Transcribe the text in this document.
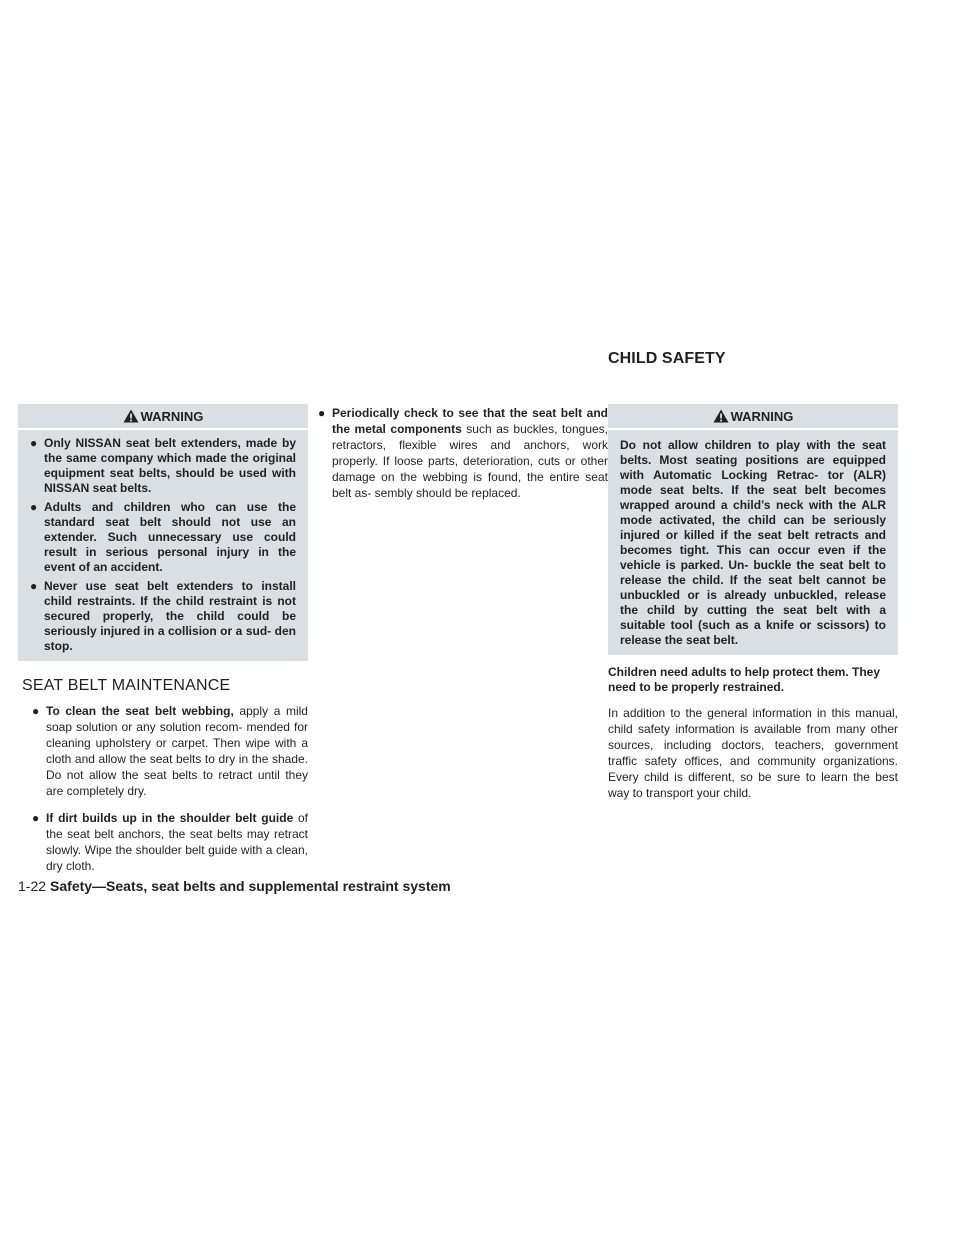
CHILD SAFETY
WARNING
● Only NISSAN seat belt extenders, made by the same company which made the original equipment seat belts, should be used with NISSAN seat belts.
● Adults and children who can use the standard seat belt should not use an extender. Such unnecessary use could result in serious personal injury in the event of an accident.
● Never use seat belt extenders to install child restraints. If the child restraint is not secured properly, the child could be seriously injured in a collision or a sud- den stop.
SEAT BELT MAINTENANCE
● To clean the seat belt webbing, apply a mild soap solution or any solution recom- mended for cleaning upholstery or carpet. Then wipe with a cloth and allow the seat belts to dry in the shade. Do not allow the seat belts to retract until they are completely dry.
● If dirt builds up in the shoulder belt guide of the seat belt anchors, the seat belts may retract slowly. Wipe the shoulder belt guide with a clean, dry cloth.
● Periodically check to see that the seat belt and the metal components such as buckles, tongues, retractors, flexible wires and anchors, work properly. If loose parts, deterioration, cuts or other damage on the webbing is found, the entire seat belt as- sembly should be replaced.
WARNING

Do not allow children to play with the seat belts. Most seating positions are equipped with Automatic Locking Retrac- tor (ALR) mode seat belts. If the seat belt becomes wrapped around a child’s neck with the ALR mode activated, the child can be seriously injured or killed if the seat belt retracts and becomes tight. This can occur even if the vehicle is parked. Un- buckle the seat belt to release the child. If the seat belt cannot be unbuckled or is already unbuckled, release the child by cutting the seat belt with a suitable tool (such as a knife or scissors) to release the seat belt.

Children need adults to help protect them. They need to be properly restrained.

In addition to the general information in this manual, child safety information is available from many other sources, including doctors, teachers, government traffic safety offices, and community organizations. Every child is different, so be sure to learn the best way to transport your child.

1-22 Safety—Seats, seat belts and supplemental restraint system
